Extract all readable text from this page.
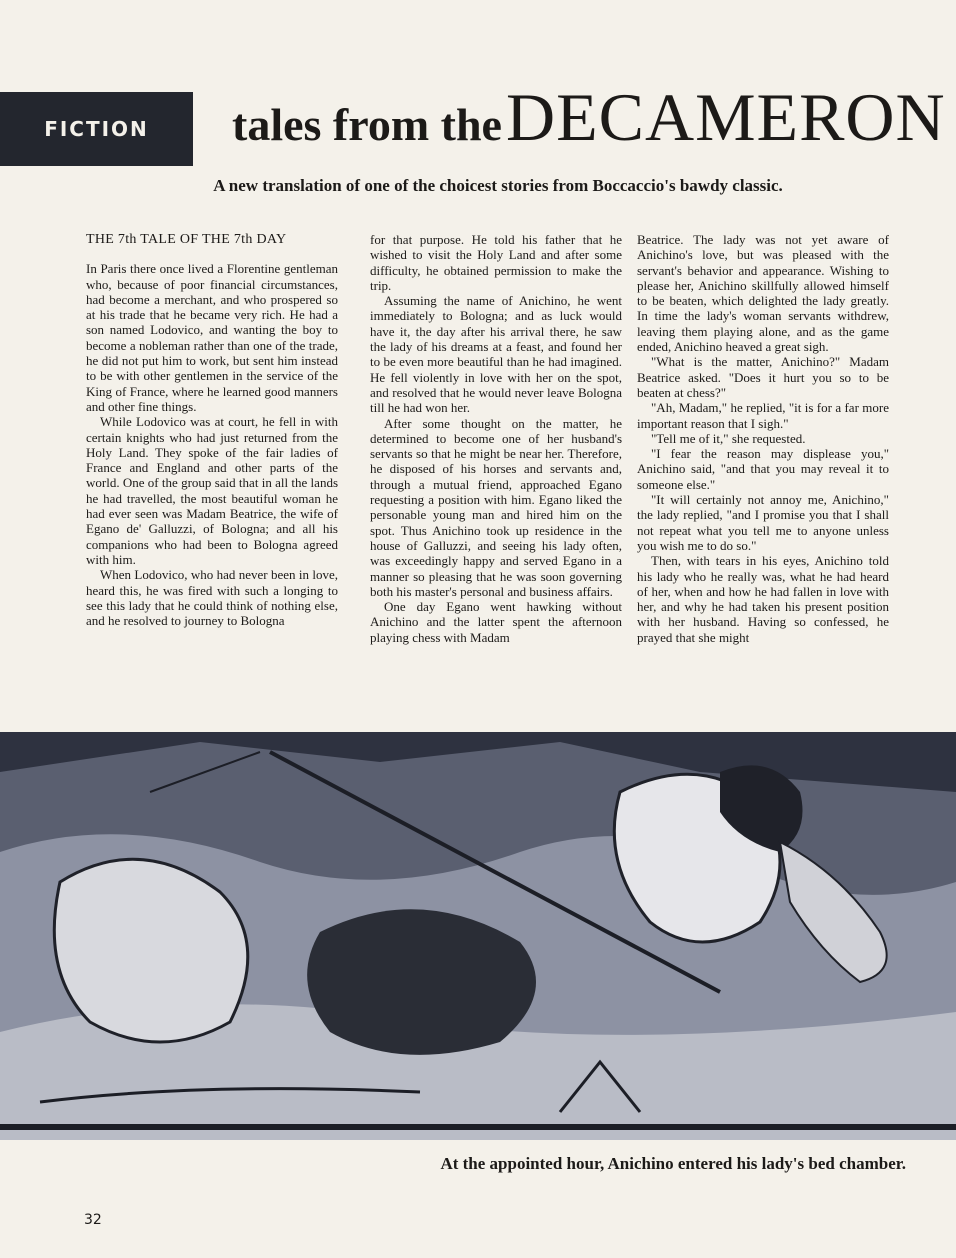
FICTION tales from the DECAMERON
A new translation of one of the choicest stories from Boccaccio's bawdy classic.
THE 7th TALE OF THE 7th DAY

In Paris there once lived a Florentine gentleman who, because of poor financial circumstances, had become a merchant, and who prospered so at his trade that he became very rich. He had a son named Lodovico, and wanting the boy to become a nobleman rather than one of the trade, he did not put him to work, but sent him instead to be with other gentlemen in the service of the King of France, where he learned good manners and other fine things.

While Lodovico was at court, he fell in with certain knights who had just returned from the Holy Land. They spoke of the fair ladies of France and England and other parts of the world. One of the group said that in all the lands he had travelled, the most beautiful woman he had ever seen was Madam Beatrice, the wife of Egano de' Galluzzi, of Bologna; and all his companions who had been to Bologna agreed with him.

When Lodovico, who had never been in love, heard this, he was fired with such a longing to see this lady that he could think of nothing else, and he resolved to journey to Bologna

for that purpose. He told his father that he wished to visit the Holy Land and after some difficulty, he obtained permission to make the trip.

Assuming the name of Anichino, he went immediately to Bologna; and as luck would have it, the day after his arrival there, he saw the lady of his dreams at a feast, and found her to be even more beautiful than he had imagined. He fell violently in love with her on the spot, and resolved that he would never leave Bologna till he had won her.

After some thought on the matter, he determined to become one of her husband's servants so that he might be near her. Therefore, he disposed of his horses and servants and, through a mutual friend, approached Egano requesting a position with him. Egano liked the personable young man and hired him on the spot. Thus Anichino took up residence in the house of Galluzzi, and seeing his lady often, was exceedingly happy and served Egano in a manner so pleasing that he was soon governing both his master's personal and business affairs.

One day Egano went hawking without Anichino and the latter spent the afternoon playing chess with Madam

Beatrice. The lady was not yet aware of Anichino's love, but was pleased with the servant's behavior and appearance. Wishing to please her, Anichino skillfully allowed himself to be beaten, which delighted the lady greatly. In time the lady's woman servants withdrew, leaving them playing alone, and as the game ended, Anichino heaved a great sigh.

"What is the matter, Anichino?" Madam Beatrice asked. "Does it hurt you so to be beaten at chess?"

"Ah, Madam," he replied, "it is for a far more important reason that I sigh."

"Tell me of it," she requested.

"I fear the reason may displease you," Anichino said, "and that you may reveal it to someone else."

"It will certainly not annoy me, Anichino," the lady replied, "and I promise you that I shall not repeat what you tell me to anyone unless you wish me to do so."

Then, with tears in his eyes, Anichino told his lady who he really was, what he had heard of her, when and how he had fallen in love with her, and why he had taken his present position with her husband. Having so confessed, he prayed that she might

At the appointed hour, Anichino entered his lady's bed chamber.
32
